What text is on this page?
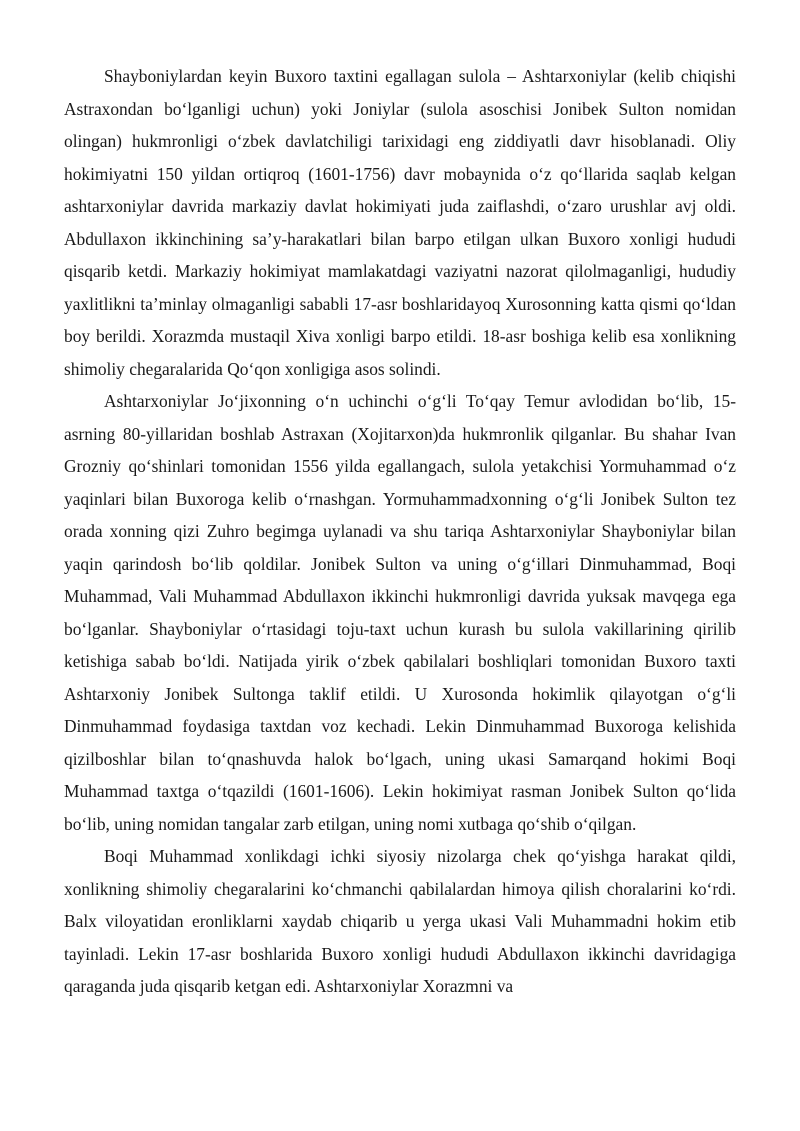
Shayboniylardan keyin Buxoro taxtini egallagan sulola – Ashtarxoniylar (kelib chiqishi Astraxondan bo‘lganligi uchun) yoki Joniylar (sulola asoschisi Jonibek Sulton nomidan olingan) hukmronligi o‘zbek davlatchiligi tarixidagi eng ziddiyatli davr hisoblanadi. Oliy hokimiyatni 150 yildan ortiqroq (1601-1756) davr mobaynida o‘z qo‘llarida saqlab kelgan ashtarxoniylar davrida markaziy davlat hokimiyati juda zaiflashdi, o‘zaro urushlar avj oldi. Abdullaxon ikkinchining sa’y-harakatlari bilan barpo etilgan ulkan Buxoro xonligi hududi qisqarib ketdi. Markaziy hokimiyat mamlakatdagi vaziyatni nazorat qilolmaganligi, hududiy yaxlitlikni ta’minlay olmaganligi sababli 17-asr boshlaridayoq Xurosonning katta qismi qo‘ldan boy berildi. Xorazmda mustaqil Xiva xonligi barpo etildi. 18-asr boshiga kelib esa xonlikning shimoliy chegaralarida Qo‘qon xonligiga asos solindi.

Ashtarxoniylar Jo‘jixonning o‘n uchinchi o‘g‘li To‘qay Temur avlodidan bo‘lib, 15-asrning 80-yillaridan boshlab Astraxan (Xojitarxon)da hukmronlik qilganlar. Bu shahar Ivan Grozniy qo‘shinlari tomonidan 1556 yilda egallangach, sulola yetakchisi Yormuhammad o‘z yaqinlari bilan Buxoroga kelib o‘rnashgan. Yormuhammadxonning o‘g‘li Jonibek Sulton tez orada xonning qizi Zuhro begimga uylanadi va shu tariqa Ashtarxoniylar Shayboniylar bilan yaqin qarindosh bo‘lib qoldilar. Jonibek Sulton va uning o‘g‘illari Dinmuhammad, Boqi Muhammad, Vali Muhammad Abdullaxon ikkinchi hukmronligi davrida yuksak mavqega ega bo‘lganlar. Shayboniylar o‘rtasidagi toju-taxt uchun kurash bu sulola vakillarining qirilib ketishiga sabab bo‘ldi. Natijada yirik o‘zbek qabilalari boshliqlari tomonidan Buxoro taxti Ashtarxoniy Jonibek Sultonga taklif etildi. U Xurosonda hokimlik qilayotgan o‘g‘li Dinmuhammad foydasiga taxtdan voz kechadi. Lekin Dinmuhammad Buxoroga kelishida qizilboshlar bilan to‘qnashuvda halok bo‘lgach, uning ukasi Samarqand hokimi Boqi Muhammad taxtga o‘tqazildi (1601-1606). Lekin hokimiyat rasman Jonibek Sulton qo‘lida bo‘lib, uning nomidan tangalar zarb etilgan, uning nomi xutbaga qo‘shib o‘qilgan.

Boqi Muhammad xonlikdagi ichki siyosiy nizolarga chek qo‘yishga harakat qildi, xonlikning shimoliy chegaralarini ko‘chmanchi qabilalardan himoya qilish choralarini ko‘rdi. Balx viloyatidan eronliklarni xaydab chiqarib u yerga ukasi Vali Muhammadni hokim etib tayinladi. Lekin 17-asr boshlarida Buxoro xonligi hududi Abdullaxon ikkinchi davridagiga qaraganda juda qisqarib ketgan edi. Ashtarxoniylar Xorazmni va
